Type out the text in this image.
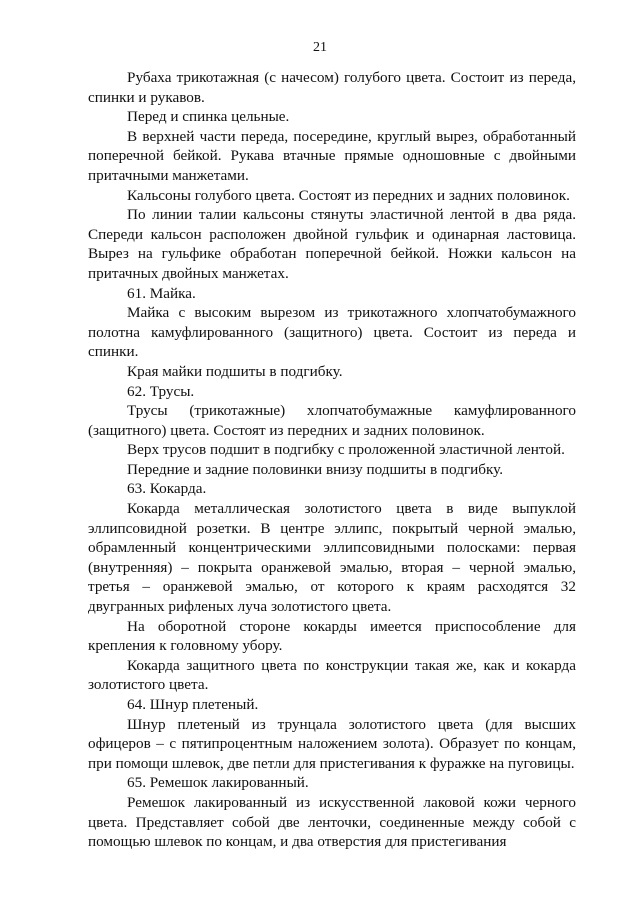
21

Рубаха трикотажная (с начесом) голубого цвета. Состоит из переда, спинки и рукавов.

Перед и спинка цельные.

В верхней части переда, посередине, круглый вырез, обработанный поперечной бейкой. Рукава втачные прямые одношовные с двойными притачными манжетами.

Кальсоны голубого цвета. Состоят из передних и задних половинок.

По линии талии кальсоны стянуты эластичной лентой в два ряда. Спереди кальсон расположен двойной гульфик и одинарная ластовица. Вырез на гульфике обработан поперечной бейкой. Ножки кальсон на притачных двойных манжетах.

61. Майка.

Майка с высоким вырезом из трикотажного хлопчатобумажного полотна камуфлированного (защитного) цвета. Состоит из переда и спинки.

Края майки подшиты в подгибку.

62. Трусы.

Трусы (трикотажные) хлопчатобумажные камуфлированного (защитного) цвета. Состоят из передних и задних половинок.

Верх трусов подшит в подгибку с проложенной эластичной лентой.

Передние и задние половинки внизу подшиты в подгибку.

63. Кокарда.

Кокарда металлическая золотистого цвета в виде выпуклой эллипсовидной розетки. В центре эллипс, покрытый черной эмалью, обрамленный концентрическими эллипсовидными полосками: первая (внутренняя) – покрыта оранжевой эмалью, вторая – черной эмалью, третья – оранжевой эмалью, от которого к краям расходятся 32 двугранных рифленых луча золотистого цвета.

На оборотной стороне кокарды имеется приспособление для крепления к головному убору.

Кокарда защитного цвета по конструкции такая же, как и кокарда золотистого цвета.

64. Шнур плетеный.

Шнур плетеный из трунцала золотистого цвета (для высших офицеров – с пятипроцентным наложением золота). Образует по концам, при помощи шлевок, две петли для пристегивания к фуражке на пуговицы.

65. Ремешок лакированный.

Ремешок лакированный из искусственной лаковой кожи черного цвета. Представляет собой две ленточки, соединенные между собой с помощью шлевок по концам, и два отверстия для пристегивания
